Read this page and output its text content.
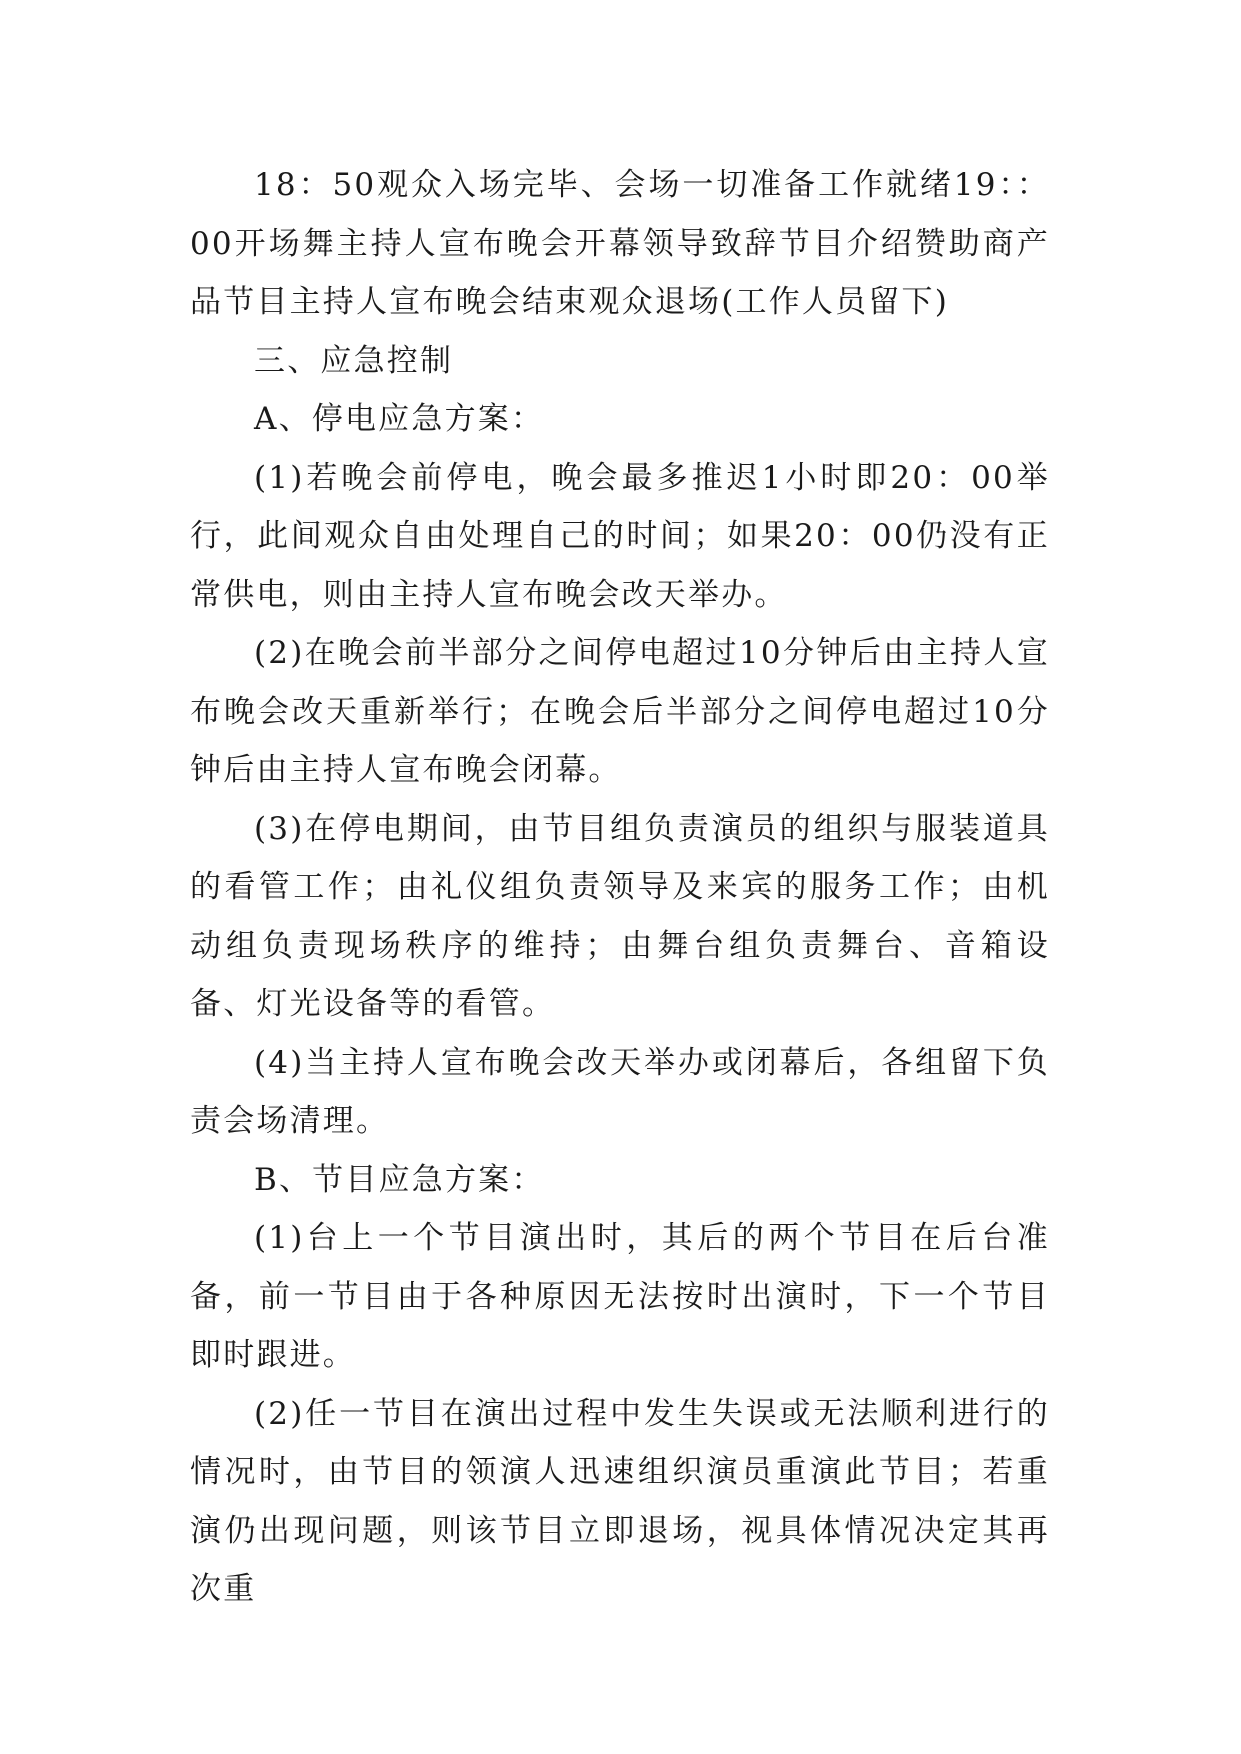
18：50观众入场完毕、会场一切准备工作就绪19：：00开场舞主持人宣布晚会开幕领导致辞节目介绍赞助商产品节目主持人宣布晚会结束观众退场(工作人员留下)

三、应急控制

A、停电应急方案：

(1)若晚会前停电，晚会最多推迟1小时即20：00举行，此间观众自由处理自己的时间；如果20：00仍没有正常供电，则由主持人宣布晚会改天举办。

(2)在晚会前半部分之间停电超过10分钟后由主持人宣布晚会改天重新举行；在晚会后半部分之间停电超过10分钟后由主持人宣布晚会闭幕。

(3)在停电期间，由节目组负责演员的组织与服装道具的看管工作；由礼仪组负责领导及来宾的服务工作；由机动组负责现场秩序的维持；由舞台组负责舞台、音箱设备、灯光设备等的看管。

(4)当主持人宣布晚会改天举办或闭幕后，各组留下负责会场清理。

B、节目应急方案：

(1)台上一个节目演出时，其后的两个节目在后台准备，前一节目由于各种原因无法按时出演时，下一个节目即时跟进。

(2)任一节目在演出过程中发生失误或无法顺利进行的情况时，由节目的领演人迅速组织演员重演此节目；若重演仍出现问题，则该节目立即退场，视具体情况决定其再次重
